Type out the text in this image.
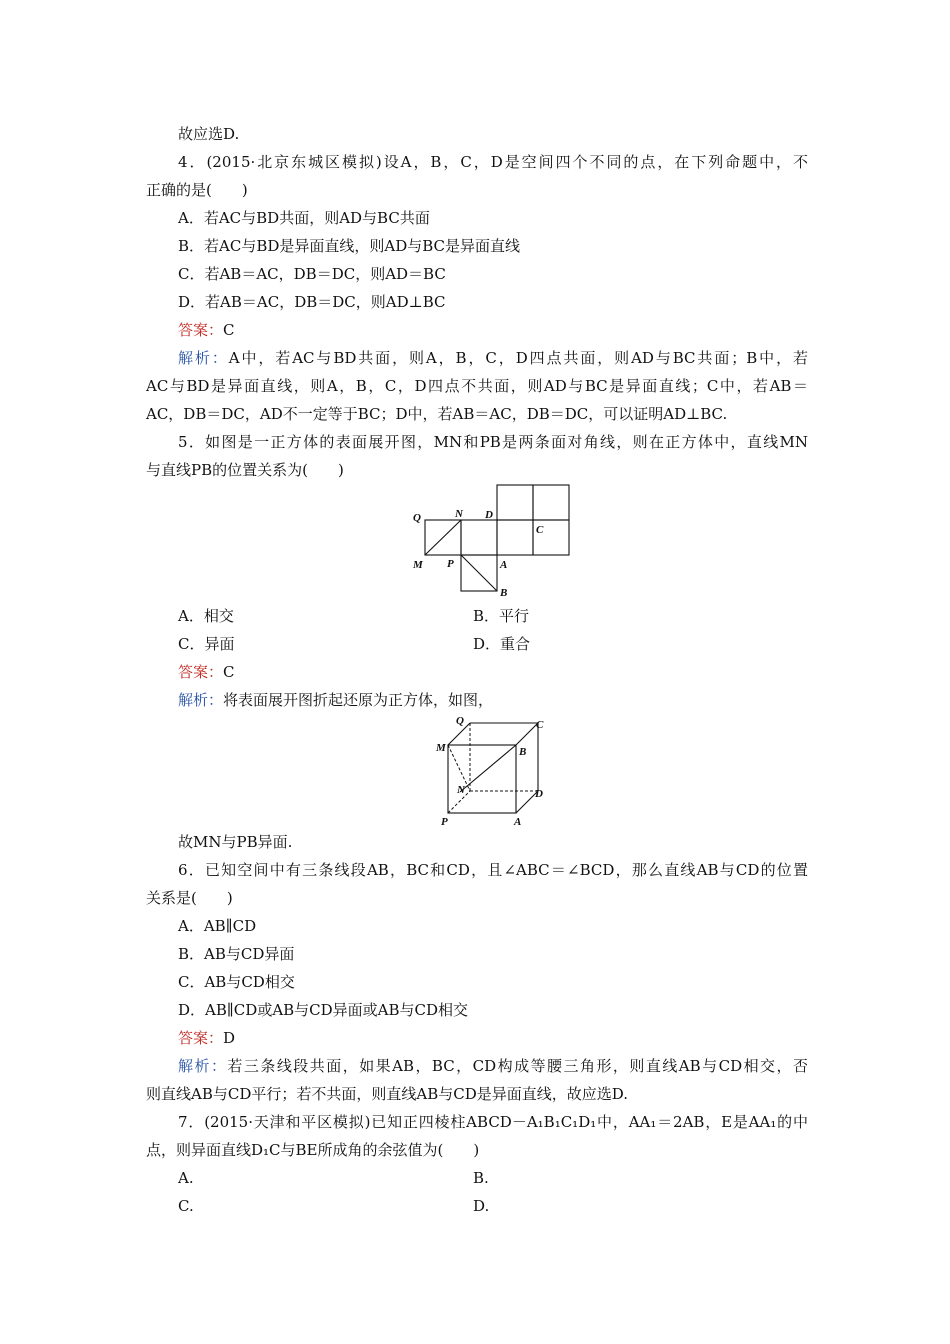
故应选D.
4．(2015·北京东城区模拟)设A，B，C，D是空间四个不同的点，在下列命题中，不
正确的是(　　)
A．若AC与BD共面，则AD与BC共面
B．若AC与BD是异面直线，则AD与BC是异面直线
C．若AB＝AC，DB＝DC，则AD＝BC
D．若AB＝AC，DB＝DC，则AD⊥BC
答案：C
解析：A中，若AC与BD共面，则A，B，C，D四点共面，则AD与BC共面；B中，若
AC与BD是异面直线，则A，B，C，D四点不共面，则AD与BC是异面直线；C中，若AB＝
AC，DB＝DC，AD不一定等于BC；D中，若AB＝AC，DB＝DC，可以证明AD⊥BC.
5．如图是一正方体的表面展开图，MN和PB是两条面对角线，则在正方体中，直线MN
与直线PB的位置关系为(　　)
Q	N D
C
M P	A
B
A．相交	B．平行
C．异面	D．重合
答案：C
解析：将表面展开图折起还原为正方体，如图，
Q	C
M	B
N	D
P	A
故MN与PB异面.
6．已知空间中有三条线段AB，BC和CD，且∠ABC＝∠BCD，那么直线AB与CD的位置
关系是(　　)
A．AB∥CD
B．AB与CD异面
C．AB与CD相交
D．AB∥CD或AB与CD异面或AB与CD相交
答案：D
解析：若三条线段共面，如果AB，BC，CD构成等腰三角形，则直线AB与CD相交，否
则直线AB与CD平行；若不共面，则直线AB与CD是异面直线，故应选D.
7．(2015·天津和平区模拟)已知正四棱柱ABCD－A₁B₁C₁D₁中，AA₁＝2AB，E是AA₁的中
点，则异面直线D₁C与BE所成角的余弦值为(　　)
A.	B.
C.	D.
